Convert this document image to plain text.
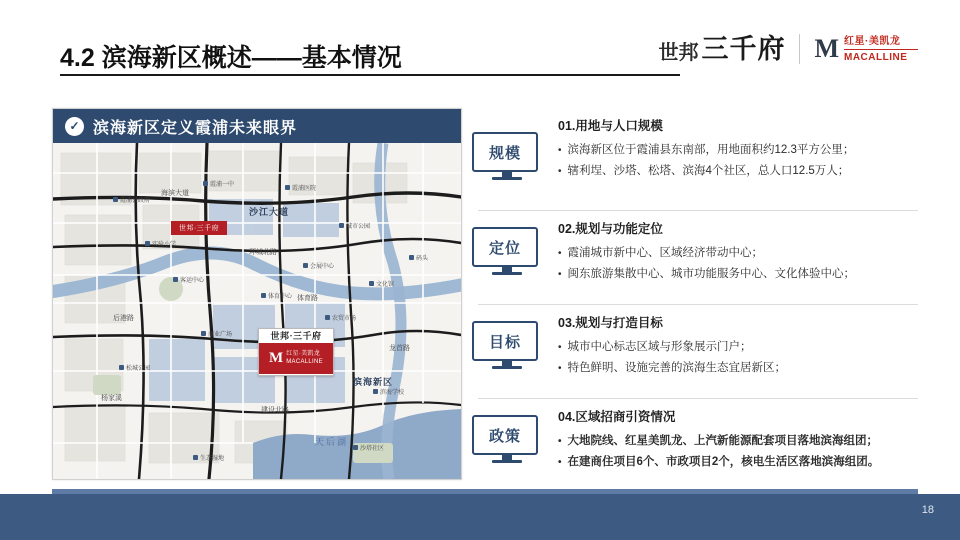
4.2 滨海新区概述——基本情况	世邦 三千府 M 红星·美凯龙
MACALLINE
✓ 滨海新区定义霞浦未来眼界
世邦·三千府
M 红星·美凯龙
MACALLINE
世邦·三千府
沙江大道
体育路
滨海新区
后港路
海滨大道
环城北路
龙首路
建设北路
天后湖
杨家溪
霞浦县政府
霞浦一中
霞浦医院
实验小学
城市公园
客运中心
会展中心
体育中心
文化馆
商业广场
农贸市场
滨海学校
松城公园
沙塔社区
生态湿地
码头
规模
01.用地与人口规模
• 滨海新区位于霞浦县东南部，用地面积约12.3平方公里；
• 辖利埕、沙塔、松塔、滨海4个社区，总人口12.5万人；
定位
02.规划与功能定位
• 霞浦城市新中心、区域经济带动中心；
• 闽东旅游集散中心、城市功能服务中心、文化体验中心；
目标
03.规划与打造目标
• 城市中心标志区域与形象展示门户；
• 特色鲜明、设施完善的滨海生态宜居新区；
政策
04.区域招商引资情况
• 大地院线、红星美凯龙、上汽新能源配套项目落地滨海组团；
• 在建商住项目6个、市政项目2个，核电生活区落地滨海组团。
18
